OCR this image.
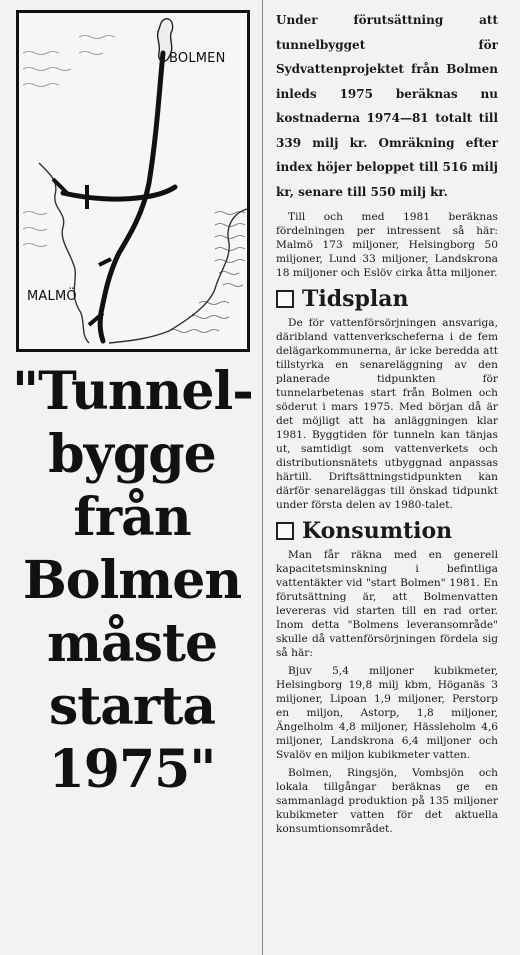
BOLMEN
MALMÖ
"Tunnel-
bygge
från
Bolmen
måste
starta
1975"

Under förutsättning att tunnelbygget för Sydvattenprojektet från Bolmen inleds 1975 beräknas nu kostnaderna 1974—81 totalt till 339 milj kr. Omräkning efter index höjer beloppet till 516 milj kr, senare till 550 milj kr.

Till och med 1981 beräknas fördelningen per intressent så här: Malmö 173 miljoner, Helsingborg 50 miljoner, Lund 33 miljoner, Landskrona 18 miljoner och Eslöv cirka åtta miljoner.

Tidsplan

De för vattenförsörjningen ansvariga, däribland vattenverkscheferna i de fem delägarkommunerna, är icke beredda att tillstyrka en senareläggning av den planerade tidpunkten för tunnelarbetenas start från Bolmen och söderut i mars 1975. Med början då är det möjligt att ha anläggningen klar 1981. Byggtiden för tunneln kan tänjas ut, samtidigt som vattenverkets och distributionsnätets utbyggnad anpassas härtill. Driftsättningstidpunkten kan därför senareläggas till önskad tidpunkt under första delen av 1980-talet.

Konsumtion

Man får räkna med en generell kapacitetsminskning i befintliga vattentäkter vid "start Bolmen" 1981. En förutsättning är, att Bolmenvatten levereras vid starten till en rad orter. Inom detta "Bolmens leveransområde" skulle då vattenförsörjningen fördela sig så här:

Bjuv 5,4 miljoner kubikmeter, Helsingborg 19,8 milj kbm, Höganäs 3 miljoner, Lipoan 1,9 miljoner, Perstorp en miljon, Astorp, 1,8 miljoner, Ängelholm 4,8 miljoner, Hässleholm 4,6 miljoner, Landskrona 6,4 miljoner och Svalöv en miljon kubikmeter vatten.

Bolmen, Ringsjön, Vombsjön och lokala tillgångar beräknas ge en sammanlagd produktion på 135 miljoner kubikmeter vatten för det aktuella konsumtionsområdet.
